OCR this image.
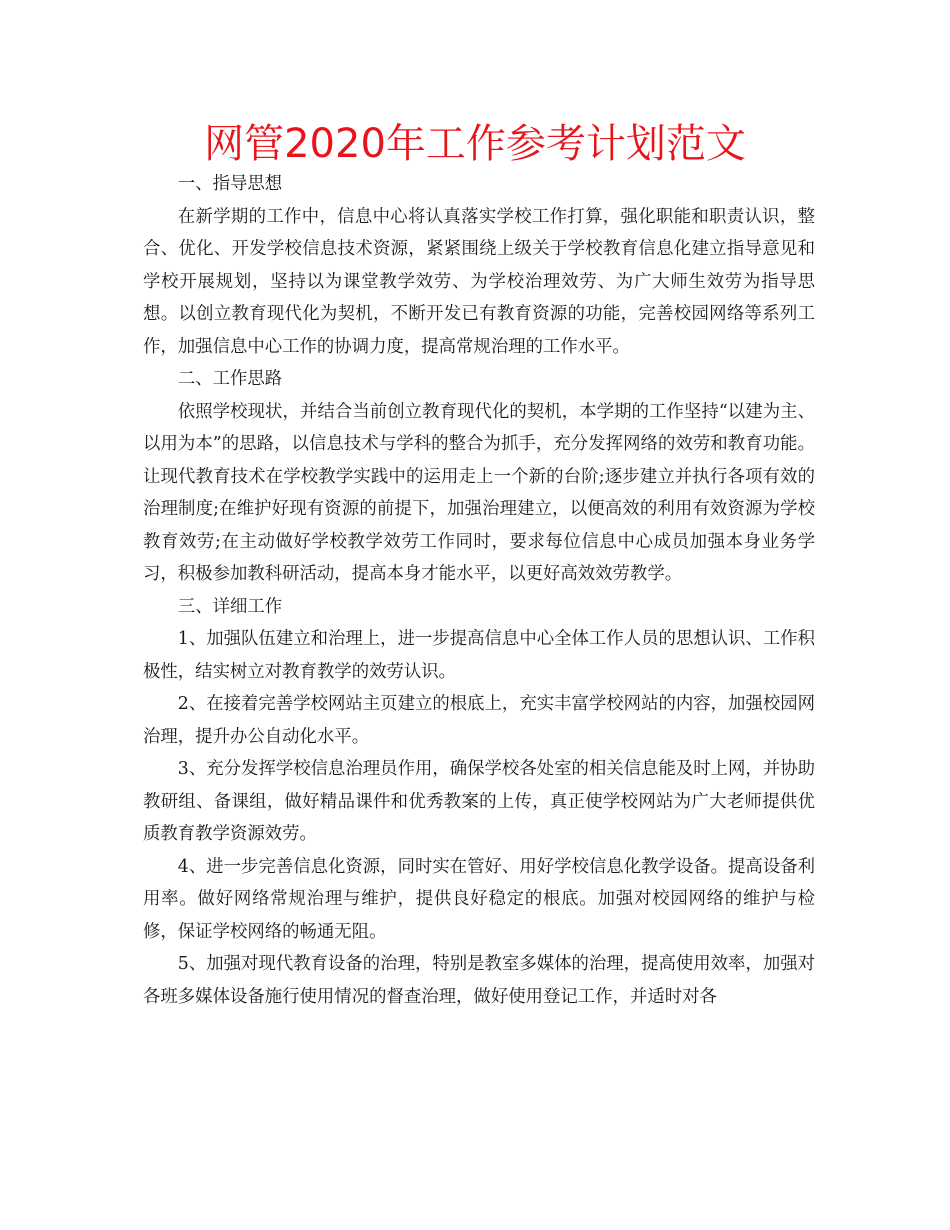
网管2020年工作参考计划范文

一、指导思想

在新学期的工作中，信息中心将认真落实学校工作打算，强化职能和职责认识，整合、优化、开发学校信息技术资源，紧紧围绕上级关于学校教育信息化建立指导意见和学校开展规划，坚持以为课堂教学效劳、为学校治理效劳、为广大师生效劳为指导思想。以创立教育现代化为契机，不断开发已有教育资源的功能，完善校园网络等系列工作，加强信息中心工作的协调力度，提高常规治理的工作水平。

二、工作思路

依照学校现状，并结合当前创立教育现代化的契机，本学期的工作坚持“以建为主、以用为本”的思路，以信息技术与学科的整合为抓手，充分发挥网络的效劳和教育功能。让现代教育技术在学校教学实践中的运用走上一个新的台阶;逐步建立并执行各项有效的治理制度;在维护好现有资源的前提下，加强治理建立，以便高效的利用有效资源为学校教育效劳;在主动做好学校教学效劳工作同时，要求每位信息中心成员加强本身业务学习，积极参加教科研活动，提高本身才能水平，以更好高效效劳教学。

三、详细工作

1、加强队伍建立和治理上，进一步提高信息中心全体工作人员的思想认识、工作积极性，结实树立对教育教学的效劳认识。

2、在接着完善学校网站主页建立的根底上，充实丰富学校网站的内容，加强校园网治理，提升办公自动化水平。

3、充分发挥学校信息治理员作用，确保学校各处室的相关信息能及时上网，并协助教研组、备课组，做好精品课件和优秀教案的上传，真正使学校网站为广大老师提供优质教育教学资源效劳。

4、进一步完善信息化资源，同时实在管好、用好学校信息化教学设备。提高设备利用率。做好网络常规治理与维护，提供良好稳定的根底。加强对校园网络的维护与检修，保证学校网络的畅通无阻。

5、加强对现代教育设备的治理，特别是教室多媒体的治理，提高使用效率，加强对各班多媒体设备施行使用情况的督查治理，做好使用登记工作，并适时对各
